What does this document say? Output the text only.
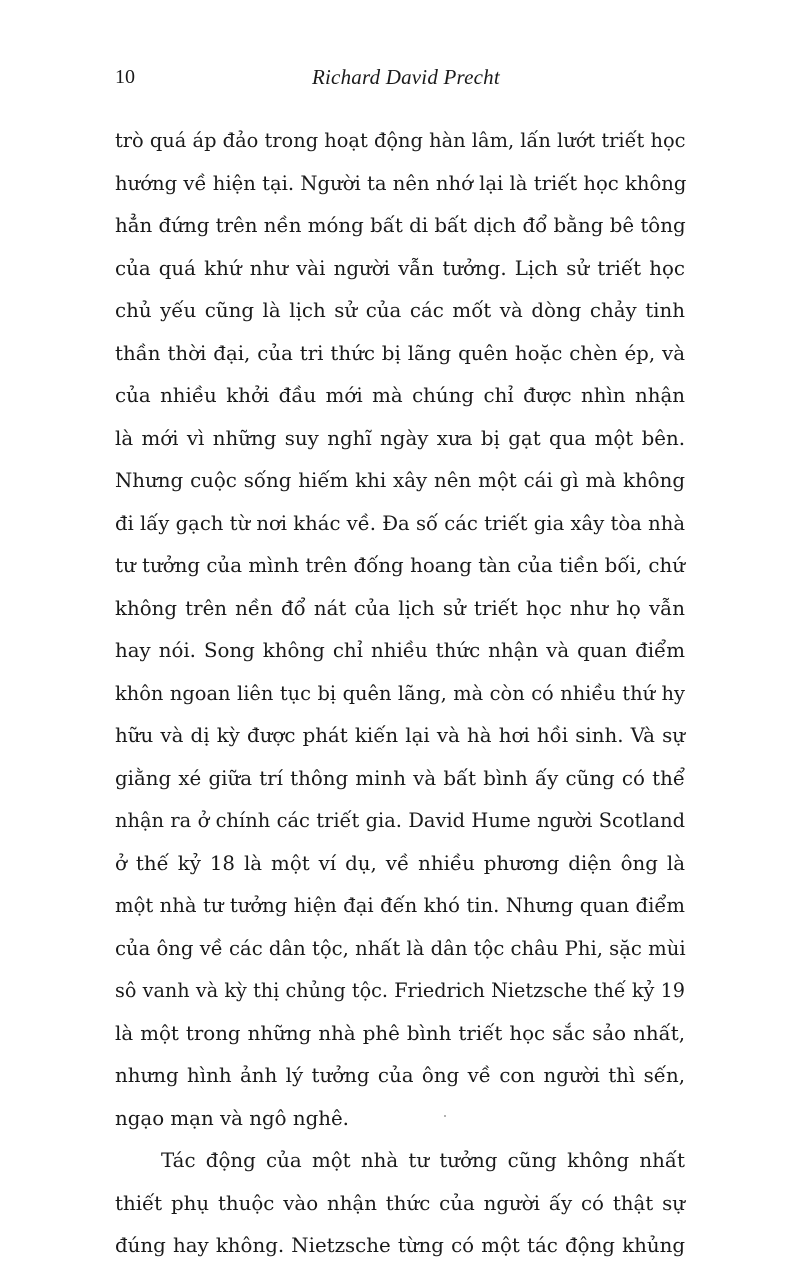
10	Richard David Precht
trò quá áp đảo trong hoạt động hàn lâm, lấn lướt triết học
hướng về hiện tại. Người ta nên nhớ lại là triết học không
hẳn đứng trên nền móng bất di bất dịch đổ bằng bê tông
của quá khứ như vài người vẫn tưởng. Lịch sử triết học
chủ yếu cũng là lịch sử của các mốt và dòng chảy tinh
thần thời đại, của tri thức bị lãng quên hoặc chèn ép, và
của nhiều khởi đầu mới mà chúng chỉ được nhìn nhận
là mới vì những suy nghĩ ngày xưa bị gạt qua một bên.
Nhưng cuộc sống hiếm khi xây nên một cái gì mà không
đi lấy gạch từ nơi khác về. Đa số các triết gia xây tòa nhà
tư tưởng của mình trên đống hoang tàn của tiền bối, chứ
không trên nền đổ nát của lịch sử triết học như họ vẫn
hay nói. Song không chỉ nhiều thức nhận và quan điểm
khôn ngoan liên tục bị quên lãng, mà còn có nhiều thứ hy
hữu và dị kỳ được phát kiến lại và hà hơi hồi sinh. Và sự
giằng xé giữa trí thông minh và bất bình ấy cũng có thể
nhận ra ở chính các triết gia. David Hume người Scotland
ở thế kỷ 18 là một ví dụ, về nhiều phương diện ông là
một nhà tư tưởng hiện đại đến khó tin. Nhưng quan điểm
của ông về các dân tộc, nhất là dân tộc châu Phi, sặc mùi
sô vanh và kỳ thị chủng tộc. Friedrich Nietzsche thế kỷ 19
là một trong những nhà phê bình triết học sắc sảo nhất,
nhưng hình ảnh lý tưởng của ông về con người thì sến,
ngạo mạn và ngô nghê.
Tác động của một nhà tư tưởng cũng không nhất
thiết phụ thuộc vào nhận thức của người ấy có thật sự
đúng hay không. Nietzsche từng có một tác động khủng
